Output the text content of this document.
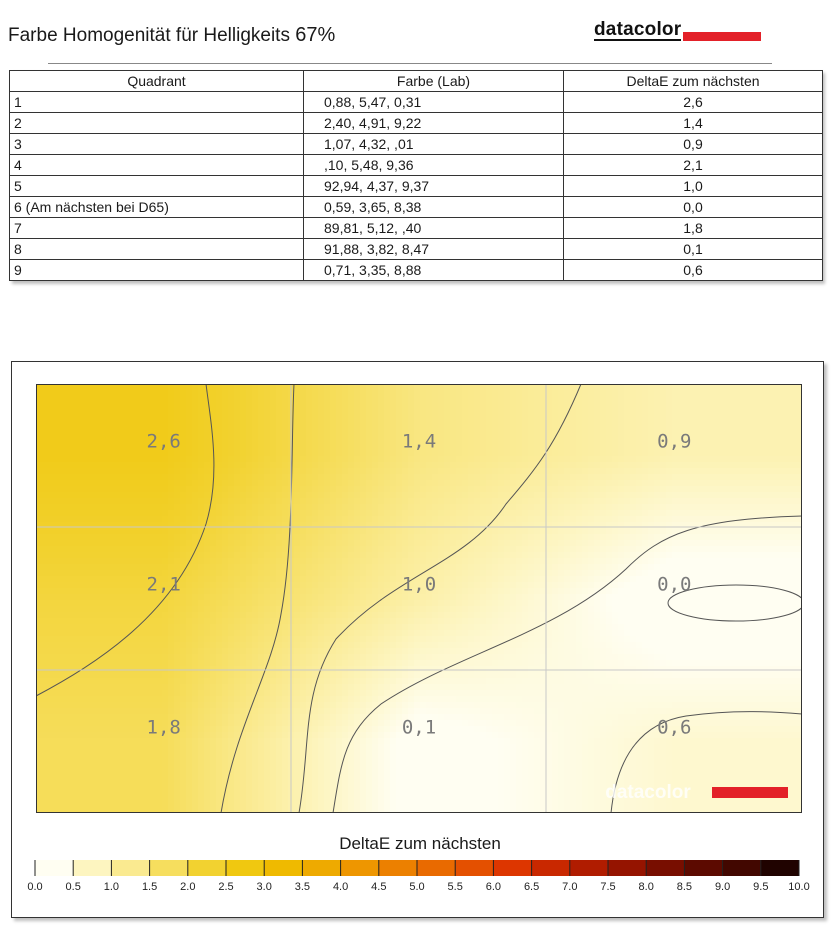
Farbe Homogenität für Helligkeits 67%	datacolor
Quadrant	Farbe (Lab)	DeltaE zum nächsten
1	0,88, 5,47, 0,31	2,6
2	2,40, 4,91, 9,22	1,4
3	1,07, 4,32, ,01	0,9
4	,10, 5,48, 9,36	2,1
5	92,94, 4,37, 9,37	1,0
6 (Am nächsten bei D65)	0,59, 3,65, 8,38	0,0
7	89,81, 5,12, ,40	1,8
8	91,88, 3,82, 8,47	0,1
9	0,71, 3,35, 8,88	0,6
2,6	1,4	0,9
2,1	1,0	0,0
1,8	0,1	0,6
datacolor
DeltaE zum nächsten
0.0 0.5 1.0 1.5 2.0 2.5 3.0 3.5 4.0 4.5 5.0 5.5 6.0 6.5 7.0 7.5 8.0 8.5 9.0 9.5 10.0
